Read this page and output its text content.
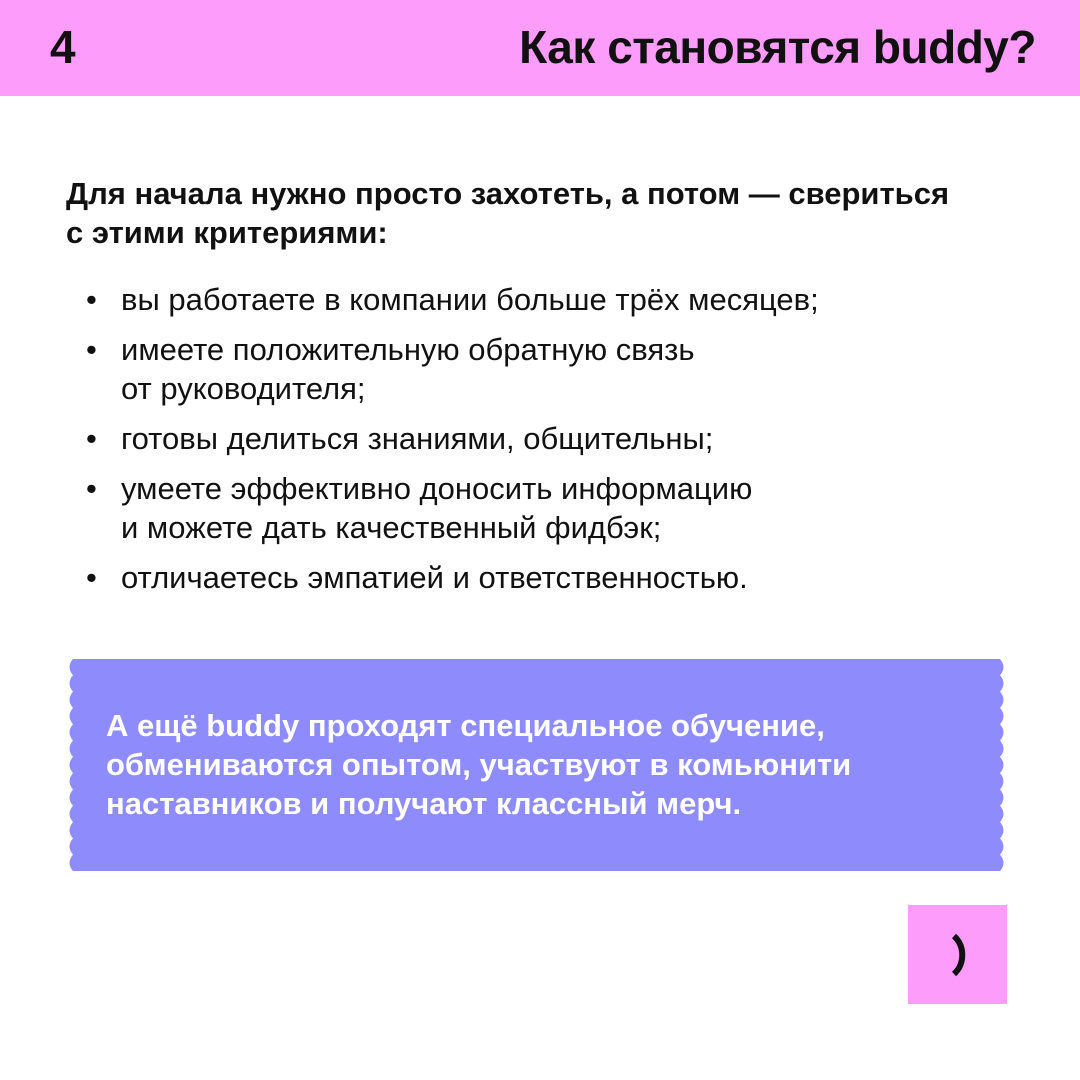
4	Как становятся buddy?

Для начала нужно просто захотеть, а потом — сверитьcя с этими критериями:

• вы работаете в компании больше трёх месяцев;
• имеете положительную обратную связь
от руководителя;
• готовы делиться знаниями, общительны;
• умеете эффективно доносить информацию
и можете дать качественный фидбэк;
• отличаетесь эмпатией и ответственностью.

А ещё buddy проходят специальное обучение,
обмениваются опытом, участвуют в комьюнити
наставников и получают классный мерч.
